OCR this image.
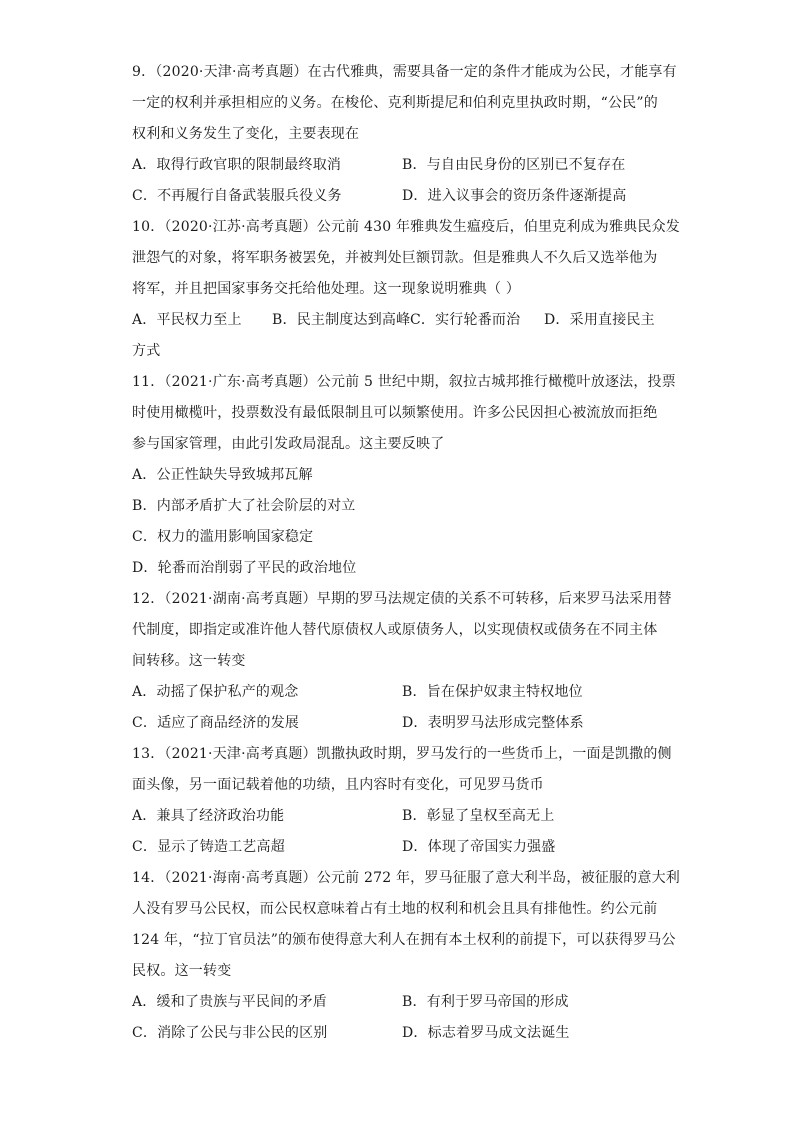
9．（2020·天津·高考真题）在古代雅典，需要具备一定的条件才能成为公民，才能享有
一定的权利并承担相应的义务。在梭伦、克利斯提尼和伯利克里执政时期，“公民”的
权利和义务发生了变化，主要表现在
A．取得行政官职的限制最终取消	B．与自由民身份的区别已不复存在
C．不再履行自备武装服兵役义务	D．进入议事会的资历条件逐渐提高
10．（2020·江苏·高考真题）公元前 430 年雅典发生瘟疫后，伯里克利成为雅典民众发
泄怨气的对象，将军职务被罢免，并被判处巨额罚款。但是雅典人不久后又选举他为
将军，并且把国家事务交托给他处理。这一现象说明雅典（ ）
A．平民权力至上	B．民主制度达到高峰 C．实行轮番而治	D．采用直接民主
方式
11．（2021·广东·高考真题）公元前 5 世纪中期，叙拉古城邦推行橄榄叶放逐法，投票
时使用橄榄叶，投票数没有最低限制且可以频繁使用。许多公民因担心被流放而拒绝
参与国家管理，由此引发政局混乱。这主要反映了
A．公正性缺失导致城邦瓦解
B．内部矛盾扩大了社会阶层的对立
C．权力的滥用影响国家稳定
D．轮番而治削弱了平民的政治地位
12．（2021·湖南·高考真题）早期的罗马法规定债的关系不可转移，后来罗马法采用替
代制度，即指定或准许他人替代原债权人或原债务人，以实现债权或债务在不同主体
间转移。这一转变
A．动摇了保护私产的观念	B．旨在保护奴隶主特权地位
C．适应了商品经济的发展	D．表明罗马法形成完整体系
13．（2021·天津·高考真题）凯撒执政时期，罗马发行的一些货币上，一面是凯撒的侧
面头像，另一面记载着他的功绩，且内容时有变化，可见罗马货币
A．兼具了经济政治功能	B．彰显了皇权至高无上
C．显示了铸造工艺高超	D．体现了帝国实力强盛
14．（2021·海南·高考真题）公元前 272 年，罗马征服了意大利半岛，被征服的意大利
人没有罗马公民权，而公民权意味着占有土地的权利和机会且具有排他性。约公元前
124 年，“拉丁官员法”的颁布使得意大利人在拥有本土权利的前提下，可以获得罗马公
民权。这一转变
A．缓和了贵族与平民间的矛盾	B．有利于罗马帝国的形成
C．消除了公民与非公民的区别	D．标志着罗马成文法诞生
